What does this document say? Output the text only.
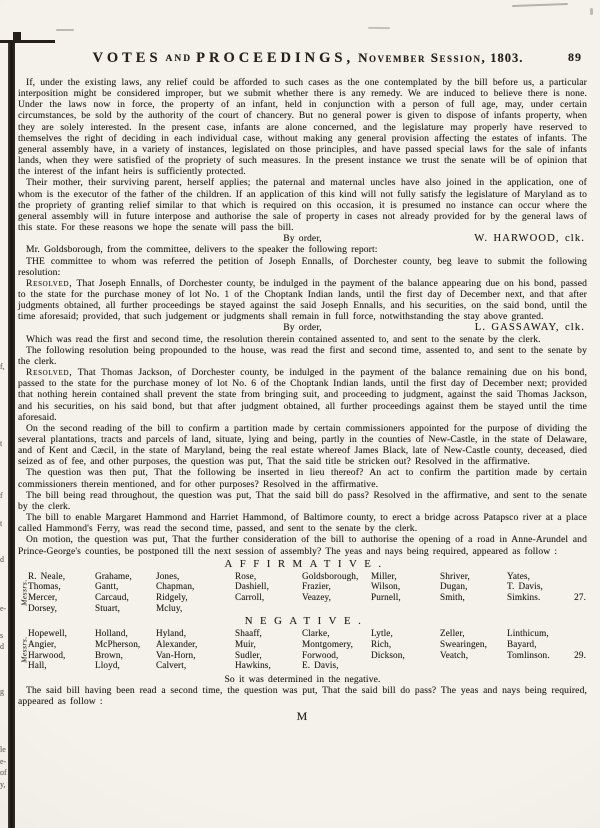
VOTES AND PROCEEDINGS, November Session, 1803.	89

If, under the existing laws, any relief could be afforded to such cases as the one contemplated by the bill before us, a particular interposition might be considered improper, but we submit whether there is any remedy. We are induced to believe there is none. Under the laws now in force, the property of an infant, held in conjunction with a person of full age, may, under certain circumstances, be sold by the authority of the court of chancery. But no general power is given to dispose of infants property, when they are solely interested. In the present case, infants are alone concerned, and the legislature may properly have reserved to themselves the right of deciding in each individual case, without making any general provision affecting the estates of infants. The general assembly have, in a variety of instances, legislated on those principles, and have passed special laws for the sale of infants lands, when they were satisfied of the propriety of such measures. In the present instance we trust the senate will be of opinion that the interest of the infant heirs is sufficiently protected.

Their mother, their surviving parent, herself applies; the paternal and maternal uncles have also joined in the application, one of whom is the executor of the father of the children. If an application of this kind will not fully satisfy the legislature of Maryland as to the propriety of granting relief similar to that which is required on this occasion, it is presumed no instance can occur where the general assembly will in future interpose and authorise the sale of property in cases not already provided for by the general laws of this state. For these reasons we hope the senate will pass the bill.

By order,	W. HARWOOD, clk.

Mr. Goldsborough, from the committee, delivers to the speaker the following report:

THE committee to whom was referred the petition of Joseph Ennalls, of Dorchester county, beg leave to submit the following resolution:

Resolved, That Joseph Ennalls, of Dorchester county, be indulged in the payment of the balance appearing due on his bond, passed to the state for the purchase money of lot No. 1 of the Choptank Indian lands, until the first day of December next, and that after judgments obtained, all further proceedings be stayed against the said Joseph Ennalls, and his securities, on the said bond, until the time aforesaid; provided, that such judgement or judgments shall remain in full force, notwithstanding the stay above granted.

By order,	L. GASSAWAY, clk.

Which was read the first and second time, the resolution therein contained assented to, and sent to the senate by the clerk.

The following resolution being propounded to the house, was read the first and second time, assented to, and sent to the senate by the clerk.

Resolved, That Thomas Jackson, of Dorchester county, be indulged in the payment of the balance remaining due on his bond, passed to the state for the purchase money of lot No. 6 of the Choptank Indian lands, until the first day of December next; provided that nothing herein contained shall prevent the state from bringing suit, and proceeding to judgment, against the said Thomas Jackson, and his securities, on his said bond, but that after judgment obtained, all further proceedings against them be stayed until the time aforesaid.

On the second reading of the bill to confirm a partition made by certain commissioners appointed for the purpose of dividing the several plantations, tracts and parcels of land, situate, lying and being, partly in the counties of New-Castle, in the state of Delaware, and of Kent and Cæcil, in the state of Maryland, being the real estate whereof James Black, late of New-Castle county, deceased, died seized as of fee, and other purposes, the question was put, That the said title be stricken out? Resolved in the affirmative.

The question was then put, That the following be inserted in lieu thereof? An act to confirm the partition made by certain commissioners therein mentioned, and for other purposes? Resolved in the affirmative.

The bill being read throughout, the question was put, That the said bill do pass? Resolved in the affirmative, and sent to the senate by the clerk.

The bill to enable Margaret Hammond and Harriet Hammond, of Baltimore county, to erect a bridge across Patapsco river at a place called Hammond's Ferry, was read the second time, passed, and sent to the senate by the clerk.

On motion, the question was put, That the further consideration of the bill to authorise the opening of a road in Anne-Arundel and Prince-George's counties, be postponed till the next session of assembly? The yeas and nays being required, appeared as follow :

AFFIRMATIVE.
Messrs.
R. Neale,	Grahame,	Jones,	Rose,	Goldsborough,	Miller,	Shriver,	Yates,
Thomas,	Gantt,	Chapman,	Dashiell,	Frazier,	Wilson,	Dugan,	T. Davis,
Mercer,	Carcaud,	Ridgely,	Carroll,	Veazey,	Purnell,	Smith,	Simkins.	27.
Dorsey,	Stuart,	Mcluy,
NEGATIVE.
Messrs.
Hopewell,	Holland,	Hyland,	Shaaff,	Clarke,	Lytle,	Zeller,	Linthicum,
Angier,	McPherson,	Alexander,	Muir,	Montgomery,	Rich,	Swearingen,	Bayard,
Harwood,	Brown,	Van-Horn,	Sudler,	Forwood,	Dickson,	Veatch,	Tomlinson.	29.
Hall,	Lloyd,	Calvert,	Hawkins,	E. Davis,
So it was determined in the negative.

The said bill having been read a second time, the question was put, That the said bill do pass? The yeas and nays being required, appeared as follow :

M
f,
t
f
t
d
e-
s
d
g
le
e-
of
y,
